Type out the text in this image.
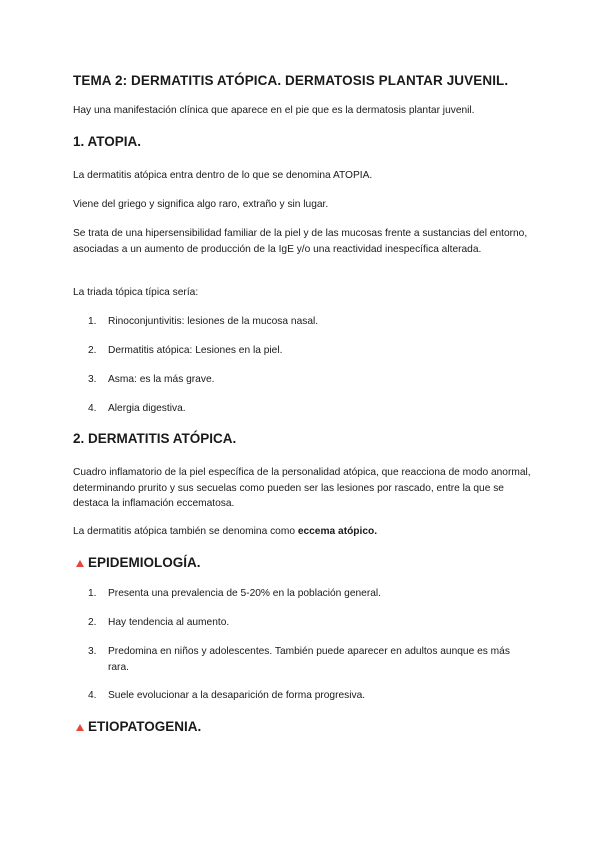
TEMA 2: DERMATITIS ATÓPICA. DERMATOSIS PLANTAR JUVENIL.

Hay una manifestación clínica que aparece en el pie que es la dermatosis plantar juvenil.

1. ATOPIA.

La dermatitis atópica entra dentro de lo que se denomina ATOPIA.

Viene del griego y significa algo raro, extraño y sin lugar.

Se trata de una hipersensibilidad familiar de la piel y de las mucosas frente a sustancias del entorno, asociadas a un aumento de producción de la IgE y/o una reactividad inespecífica alterada.

La triada tópica típica sería:

1.	Rinoconjuntivitis: lesiones de la mucosa nasal.
2.	Dermatitis atópica: Lesiones en la piel.
3.	Asma: es la más grave.
4.	Alergia digestiva.
2. DERMATITIS ATÓPICA.

Cuadro inflamatorio de la piel específica de la personalidad atópica, que reacciona de modo anormal, determinando prurito y sus secuelas como pueden ser las lesiones por rascado, entre la que se destaca la inflamación eccematosa.

La dermatitis atópica también se denomina como eccema atópico.

EPIDEMIOLOGÍA.
1.	Presenta una prevalencia de 5-20% en la población general.
2.	Hay tendencia al aumento.
3.	Predomina en niños y adolescentes. También puede aparecer en adultos aunque es más rara.
4.	Suele evolucionar a la desaparición de forma progresiva.
ETIOPATOGENIA.
